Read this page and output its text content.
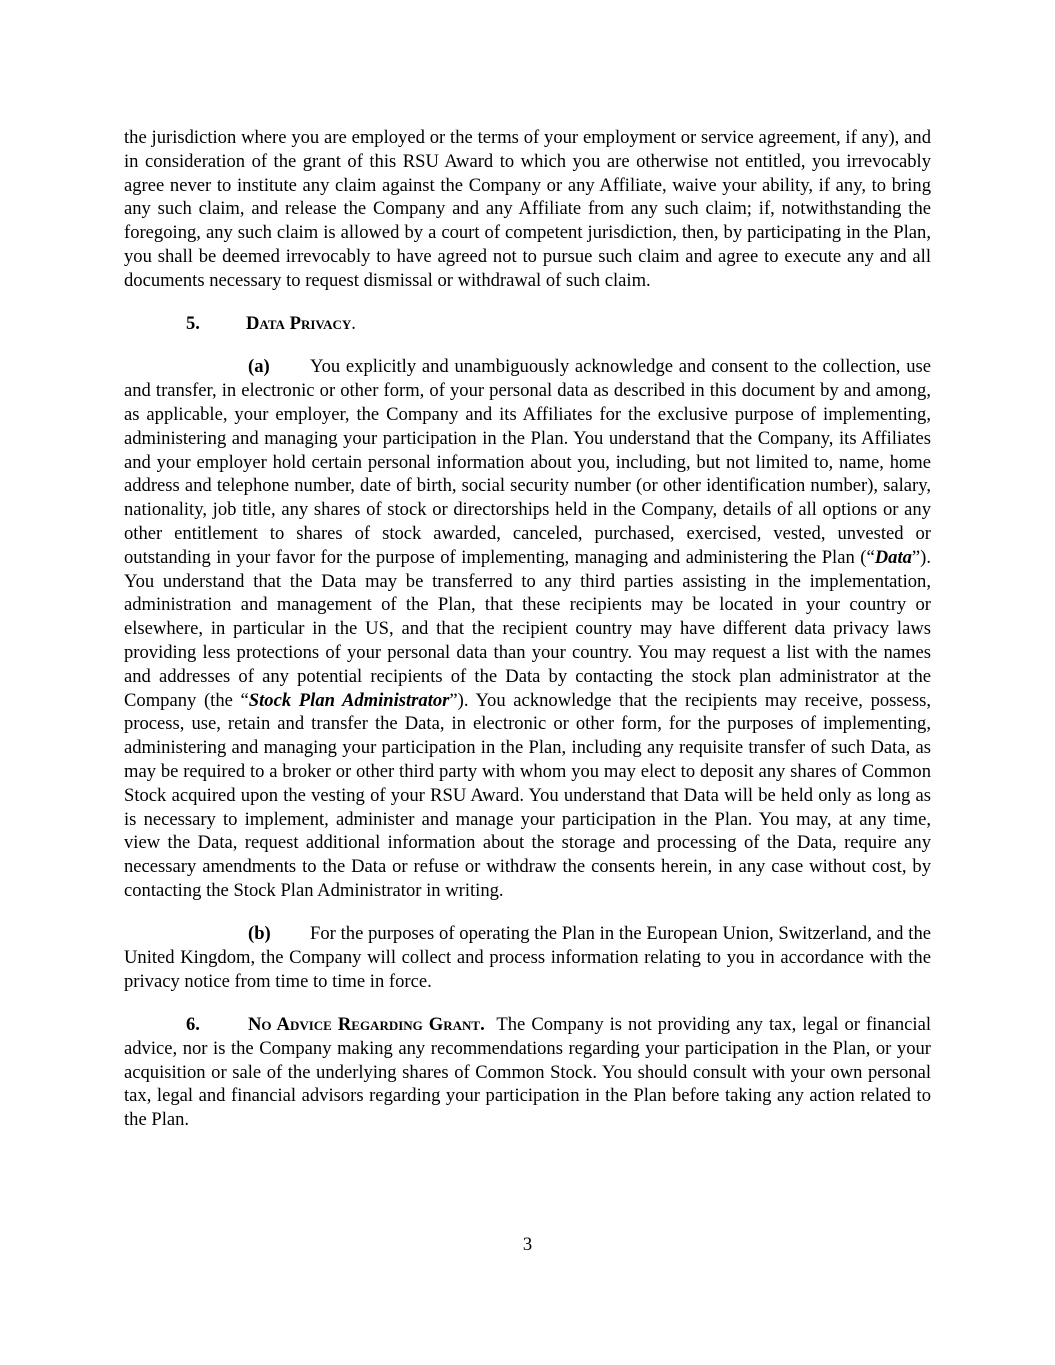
the jurisdiction where you are employed or the terms of your employment or service agreement, if any), and in consideration of the grant of this RSU Award to which you are otherwise not entitled, you irrevocably agree never to institute any claim against the Company or any Affiliate, waive your ability, if any, to bring any such claim, and release the Company and any Affiliate from any such claim; if, notwithstanding the foregoing, any such claim is allowed by a court of competent jurisdiction, then, by participating in the Plan, you shall be deemed irrevocably to have agreed not to pursue such claim and agree to execute any and all documents necessary to request dismissal or withdrawal of such claim.

5. Data Privacy.

(a) You explicitly and unambiguously acknowledge and consent to the collection, use and transfer, in electronic or other form, of your personal data as described in this document by and among, as applicable, your employer, the Company and its Affiliates for the exclusive purpose of implementing, administering and managing your participation in the Plan. You understand that the Company, its Affiliates and your employer hold certain personal information about you, including, but not limited to, name, home address and telephone number, date of birth, social security number (or other identification number), salary, nationality, job title, any shares of stock or directorships held in the Company, details of all options or any other entitlement to shares of stock awarded, canceled, purchased, exercised, vested, unvested or outstanding in your favor for the purpose of implementing, managing and administering the Plan (“Data”). You understand that the Data may be transferred to any third parties assisting in the implementation, administration and management of the Plan, that these recipients may be located in your country or elsewhere, in particular in the US, and that the recipient country may have different data privacy laws providing less protections of your personal data than your country. You may request a list with the names and addresses of any potential recipients of the Data by contacting the stock plan administrator at the Company (the “Stock Plan Administrator”). You acknowledge that the recipients may receive, possess, process, use, retain and transfer the Data, in electronic or other form, for the purposes of implementing, administering and managing your participation in the Plan, including any requisite transfer of such Data, as may be required to a broker or other third party with whom you may elect to deposit any shares of Common Stock acquired upon the vesting of your RSU Award. You understand that Data will be held only as long as is necessary to implement, administer and manage your participation in the Plan. You may, at any time, view the Data, request additional information about the storage and processing of the Data, require any necessary amendments to the Data or refuse or withdraw the consents herein, in any case without cost, by contacting the Stock Plan Administrator in writing.

(b) For the purposes of operating the Plan in the European Union, Switzerland, and the United Kingdom, the Company will collect and process information relating to you in accordance with the privacy notice from time to time in force.

6.	No Advice Regarding Grant. The Company is not providing any tax, legal or financial advice, nor is the Company making any recommendations regarding your participation in the Plan, or your acquisition or sale of the underlying shares of Common Stock. You should consult with your own personal tax, legal and financial advisors regarding your participation in the Plan before taking any action related to the Plan.

3
